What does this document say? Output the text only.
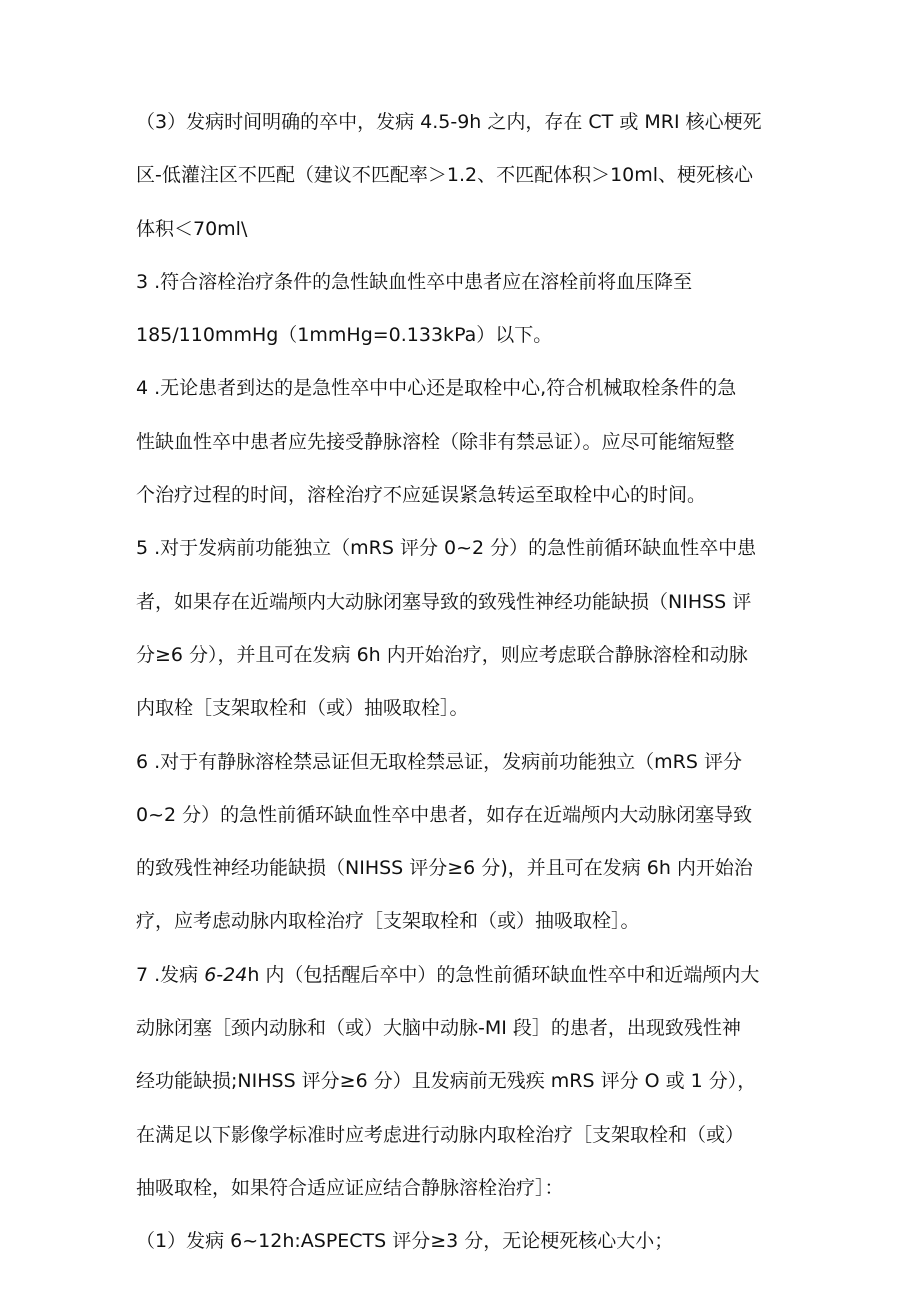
（3）发病时间明确的卒中，发病 4.5-9h 之内，存在 CT 或 MRI 核心梗死
区-低灌注区不匹配（建议不匹配率＞1.2、不匹配体积＞10ml、梗死核心
体积＜70ml\
3 .符合溶栓治疗条件的急性缺血性卒中患者应在溶栓前将血压降至
185/110mmHg（1mmHg=0.133kPa）以下。
4 .无论患者到达的是急性卒中中心还是取栓中心,符合机械取栓条件的急
性缺血性卒中患者应先接受静脉溶栓（除非有禁忌证）。应尽可能缩短整
个治疗过程的时间，溶栓治疗不应延误紧急转运至取栓中心的时间。
5 .对于发病前功能独立（mRS 评分 0~2 分）的急性前循环缺血性卒中患
者，如果存在近端颅内大动脉闭塞导致的致残性神经功能缺损（NIHSS 评
分≥6 分），并且可在发病 6h 内开始治疗，则应考虑联合静脉溶栓和动脉
内取栓［支架取栓和（或）抽吸取栓］。
6 .对于有静脉溶栓禁忌证但无取栓禁忌证，发病前功能独立（mRS 评分
0~2 分）的急性前循环缺血性卒中患者，如存在近端颅内大动脉闭塞导致
的致残性神经功能缺损（NIHSS 评分≥6 分)，并且可在发病 6h 内开始治
疗，应考虑动脉内取栓治疗［支架取栓和（或）抽吸取栓］。
7 .发病 6-24h 内（包括醒后卒中）的急性前循环缺血性卒中和近端颅内大
动脉闭塞［颈内动脉和（或）大脑中动脉-MI 段］的患者，出现致残性神
经功能缺损;NIHSS 评分≥6 分）且发病前无残疾 mRS 评分 O 或 1 分），
在满足以下影像学标准时应考虑进行动脉内取栓治疗［支架取栓和（或）
抽吸取栓，如果符合适应证应结合静脉溶栓治疗］：
（1）发病 6~12h:ASPECTS 评分≥3 分，无论梗死核心大小；
